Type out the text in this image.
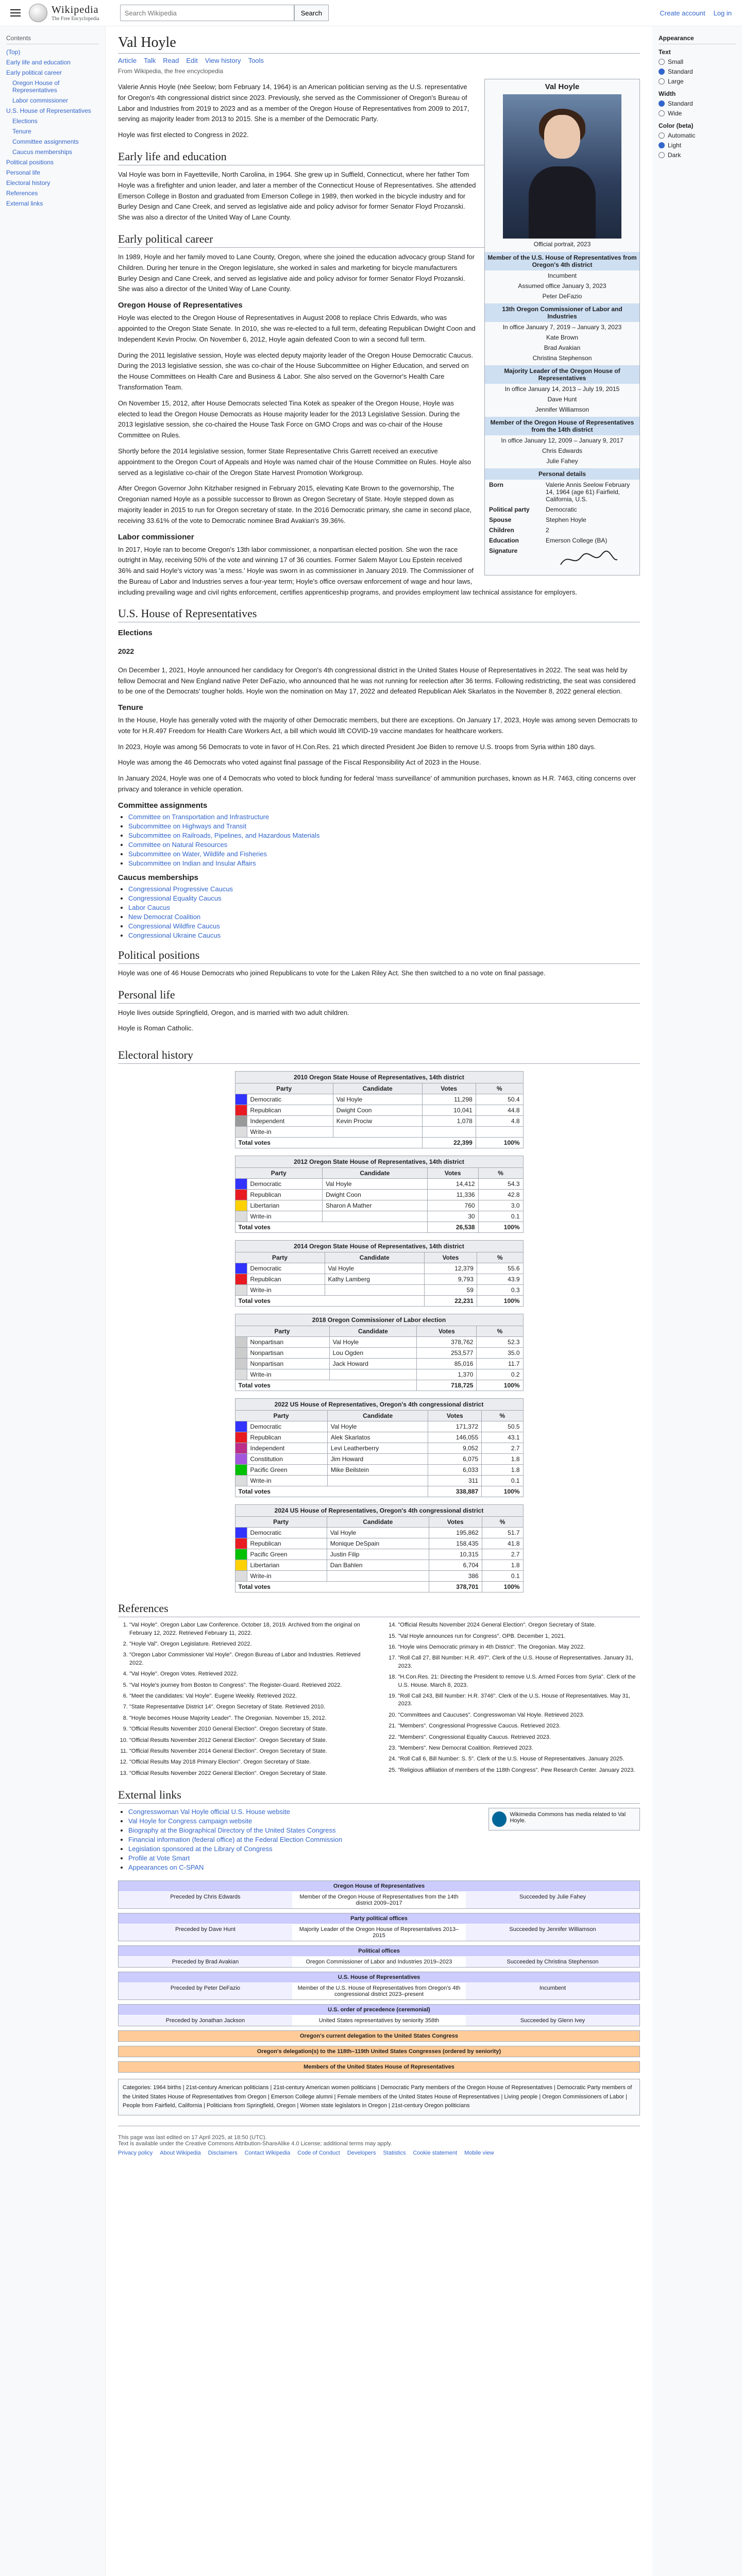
Wikipedia
The Free Encyclopedia
Search Wikipedia
Search	Create account Log in
Contents
(Top)
Early life and education
Early political career
Oregon House of Representatives
Labor commissioner
U.S. House of Representatives
Elections
Tenure
Committee assignments
Caucus memberships
Political positions
Personal life
Electoral history
References
External links
Val Hoyle
Article Talk Read Edit View history Tools
From Wikipedia, the free encyclopedia
Val Hoyle
Official portrait, 2023
Member of the U.S. House of Representatives from Oregon's 4th district
Incumbent
Assumed office January 3, 2023
Peter DeFazio
13th Oregon Commissioner of Labor and Industries
In office January 7, 2019 – January 3, 2023
Kate Brown
Brad Avakian
Christina Stephenson
Majority Leader of the Oregon House of Representatives
In office January 14, 2013 – July 19, 2015
Dave Hunt
Jennifer Williamson
Member of the Oregon House of Representatives from the 14th district
In office January 12, 2009 – January 9, 2017
Chris Edwards
Julie Fahey
Personal details
Born	Valerie Annis Seelow February 14, 1964 (age 61) Fairfield, California, U.S.
Political party	Democratic
Spouse	Stephen Hoyle
Children	2
Education	Emerson College (BA)
Signature

Valerie Annis Hoyle (née Seelow; born February 14, 1964) is an American politician serving as the U.S. representative for Oregon's 4th congressional district since 2023. Previously, she served as the Commissioner of Oregon's Bureau of Labor and Industries from 2019 to 2023 and as a member of the Oregon House of Representatives from 2009 to 2017, serving as majority leader from 2013 to 2015. She is a member of the Democratic Party.

Hoyle was first elected to Congress in 2022.

Early life and education

Val Hoyle was born in Fayetteville, North Carolina, in 1964. She grew up in Suffield, Connecticut, where her father Tom Hoyle was a firefighter and union leader, and later a member of the Connecticut House of Representatives. She attended Emerson College in Boston and graduated from Emerson College in 1989, then worked in the bicycle industry and for Burley Design and Cane Creek, and served as legislative aide and policy advisor for former Senator Floyd Prozanski. She was also a director of the United Way of Lane County.

Early political career

In 1989, Hoyle and her family moved to Lane County, Oregon, where she joined the education advocacy group Stand for Children. During her tenure in the Oregon legislature, she worked in sales and marketing for bicycle manufacturers Burley Design and Cane Creek, and served as legislative aide and policy advisor for former Senator Floyd Prozanski. She was also a director of the United Way of Lane County.

Oregon House of Representatives

Hoyle was elected to the Oregon House of Representatives in August 2008 to replace Chris Edwards, who was appointed to the Oregon State Senate. In 2010, she was re-elected to a full term, defeating Republican Dwight Coon and Independent Kevin Prociw. On November 6, 2012, Hoyle again defeated Coon to win a second full term.

During the 2011 legislative session, Hoyle was elected deputy majority leader of the Oregon House Democratic Caucus. During the 2013 legislative session, she was co-chair of the House Subcommittee on Higher Education, and served on the House Committees on Health Care and Business & Labor. She also served on the Governor's Health Care Transformation Team.

On November 15, 2012, after House Democrats selected Tina Kotek as speaker of the Oregon House, Hoyle was elected to lead the Oregon House Democrats as House majority leader for the 2013 Legislative Session. During the 2013 legislative session, she co-chaired the House Task Force on GMO Crops and was co-chair of the House Committee on Rules.

Shortly before the 2014 legislative session, former State Representative Chris Garrett received an executive appointment to the Oregon Court of Appeals and Hoyle was named chair of the House Committee on Rules. Hoyle also served as a legislative co-chair of the Oregon State Harvest Promotion Workgroup.

After Oregon Governor John Kitzhaber resigned in February 2015, elevating Kate Brown to the governorship, The Oregonian named Hoyle as a possible successor to Brown as Oregon Secretary of State. Hoyle stepped down as majority leader in 2015 to run for Oregon secretary of state. In the 2016 Democratic primary, she came in second place, receiving 33.61% of the vote to Democratic nominee Brad Avakian's 39.36%.

Labor commissioner

In 2017, Hoyle ran to become Oregon's 13th labor commissioner, a nonpartisan elected position. She won the race outright in May, receiving 50% of the vote and winning 17 of 36 counties. Former Salem Mayor Lou Epstein received 36% and said Hoyle's victory was 'a mess.' Hoyle was sworn in as commissioner in January 2019. The Commissioner of the Bureau of Labor and Industries serves a four-year term; Hoyle's office oversaw enforcement of wage and hour laws, including prevailing wage and civil rights enforcement, certifies apprenticeship programs, and provides employment law technical assistance for employers.

U.S. House of Representatives
Elections
2022

On December 1, 2021, Hoyle announced her candidacy for Oregon's 4th congressional district in the United States House of Representatives in 2022. The seat was held by fellow Democrat and New England native Peter DeFazio, who announced that he was not running for reelection after 36 terms. Following redistricting, the seat was considered to be one of the Democrats' tougher holds. Hoyle won the nomination on May 17, 2022 and defeated Republican Alek Skarlatos in the November 8, 2022 general election.

Tenure

In the House, Hoyle has generally voted with the majority of other Democratic members, but there are exceptions. On January 17, 2023, Hoyle was among seven Democrats to vote for H.R.497 Freedom for Health Care Workers Act, a bill which would lift COVID-19 vaccine mandates for healthcare workers.

In 2023, Hoyle was among 56 Democrats to vote in favor of H.Con.Res. 21 which directed President Joe Biden to remove U.S. troops from Syria within 180 days.

Hoyle was among the 46 Democrats who voted against final passage of the Fiscal Responsibility Act of 2023 in the House.

In January 2024, Hoyle was one of 4 Democrats who voted to block funding for federal 'mass surveillance' of ammunition purchases, known as H.R. 7463, citing concerns over privacy and tolerance in vehicle operation.

Committee assignments
• Committee on Transportation and Infrastructure
• Subcommittee on Highways and Transit
• Subcommittee on Railroads, Pipelines, and Hazardous Materials
• Committee on Natural Resources
• Subcommittee on Water, Wildlife and Fisheries
• Subcommittee on Indian and Insular Affairs
Caucus memberships
• Congressional Progressive Caucus
• Congressional Equality Caucus
• Labor Caucus
• New Democrat Coalition
• Congressional Wildfire Caucus
• Congressional Ukraine Caucus
Political positions

Hoyle was one of 46 House Democrats who joined Republicans to vote for the Laken Riley Act. She then switched to a no vote on final passage.

Personal life

Hoyle lives outside Springfield, Oregon, and is married with two adult children.

Hoyle is Roman Catholic.

Electoral history
2010 Oregon State House of Representatives, 14th district
Party		Candidate	Votes	%
	Democratic	Val Hoyle	11,298	50.4
	Republican	Dwight Coon	10,041	44.8
	Independent	Kevin Prociw	1,078	4.8
	Write-in			
Total votes			22,399	100%
2012 Oregon State House of Representatives, 14th district
Party		Candidate	Votes	%
	Democratic	Val Hoyle	14,412	54.3
	Republican	Dwight Coon	11,336	42.8
	Libertarian	Sharon A Mather	760	3.0
	Write-in		30	0.1
Total votes			26,538	100%
2014 Oregon State House of Representatives, 14th district
Party		Candidate	Votes	%
	Democratic	Val Hoyle	12,379	55.6
	Republican	Kathy Lamberg	9,793	43.9
	Write-in		59	0.3
Total votes			22,231	100%
2018 Oregon Commissioner of Labor election
Party		Candidate	Votes	%
	Nonpartisan	Val Hoyle	378,762	52.3
	Nonpartisan	Lou Ogden	253,577	35.0
	Nonpartisan	Jack Howard	85,016	11.7
	Write-in		1,370	0.2
Total votes			718,725	100%
2022 US House of Representatives, Oregon's 4th congressional district
Party		Candidate	Votes	%
	Democratic	Val Hoyle	171,372	50.5
	Republican	Alek Skarlatos	146,055	43.1
	Independent	Levi Leatherberry	9,052	2.7
	Constitution	Jim Howard	6,075	1.8
	Pacific Green	Mike Beilstein	6,033	1.8
	Write-in		311	0.1
Total votes			338,887	100%
2024 US House of Representatives, Oregon's 4th congressional district
Party		Candidate	Votes	%
	Democratic	Val Hoyle	195,862	51.7
	Republican	Monique DeSpain	158,435	41.8
	Pacific Green	Justin Filip	10,315	2.7
	Libertarian	Dan Bahlen	6,704	1.8
	Write-in		386	0.1
Total votes			378,701	100%
References
1. "Val Hoyle". Oregon Labor Law Conference. October 18, 2019. Archived from the original on February 12, 2022. Retrieved February 11, 2022.
2. "Hoyle Val". Oregon Legislature. Retrieved 2022.
3. "Oregon Labor Commissioner Val Hoyle". Oregon Bureau of Labor and Industries. Retrieved 2022.
4. "Val Hoyle". Oregon Votes. Retrieved 2022.
5. "Val Hoyle's journey from Boston to Congress". The Register-Guard. Retrieved 2022.
6. "Meet the candidates: Val Hoyle". Eugene Weekly. Retrieved 2022.
7. "State Representative District 14". Oregon Secretary of State. Retrieved 2010.
8. "Hoyle becomes House Majority Leader". The Oregonian. November 15, 2012.
9. "Official Results November 2010 General Election". Oregon Secretary of State.
10. "Official Results November 2012 General Election". Oregon Secretary of State.
11. "Official Results November 2014 General Election". Oregon Secretary of State.
12. "Official Results May 2018 Primary Election". Oregon Secretary of State.
13. "Official Results November 2022 General Election". Oregon Secretary of State.
14. "Official Results November 2024 General Election". Oregon Secretary of State.
15. "Val Hoyle announces run for Congress". OPB. December 1, 2021.
16. "Hoyle wins Democratic primary in 4th District". The Oregonian. May 2022.
17. "Roll Call 27, Bill Number: H.R. 497". Clerk of the U.S. House of Representatives. January 31, 2023.
18. "H.Con.Res. 21: Directing the President to remove U.S. Armed Forces from Syria". Clerk of the U.S. House. March 8, 2023.
19. "Roll Call 243, Bill Number: H.R. 3746". Clerk of the U.S. House of Representatives. May 31, 2023.
20. "Committees and Caucuses". Congresswoman Val Hoyle. Retrieved 2023.
21. "Members". Congressional Progressive Caucus. Retrieved 2023.
22. "Members". Congressional Equality Caucus. Retrieved 2023.
23. "Members". New Democrat Coalition. Retrieved 2023.
24. "Roll Call 6, Bill Number: S. 5". Clerk of the U.S. House of Representatives. January 2025.
25. "Religious affiliation of members of the 118th Congress". Pew Research Center. January 2023.
External links
Wikimedia Commons has media related to Val Hoyle.
• Congresswoman Val Hoyle official U.S. House website
• Val Hoyle for Congress campaign website
• Biography at the Biographical Directory of the United States Congress
• Financial information (federal office) at the Federal Election Commission
• Legislation sponsored at the Library of Congress
• Profile at Vote Smart
• Appearances on C-SPAN
Oregon House of Representatives
Preceded by Chris Edwards	Member of the Oregon House of Representatives from the 14th district 2009–2017
Succeeded by Julie Fahey
Party political offices
Preceded by Dave Hunt	Majority Leader of the Oregon House of Representatives 2013–2015
Succeeded by Jennifer Williamson
Political offices
Preceded by Brad Avakian	Oregon Commissioner of Labor and Industries 2019–2023	Succeeded by Christina Stephenson
U.S. House of Representatives
Preceded by Peter DeFazio	Member of the U.S. House of Representatives from Oregon's 4th congressional district 2023–present
Incumbent
U.S. order of precedence (ceremonial)
Preceded by Jonathan Jackson	United States representatives by seniority 358th	Succeeded by Glenn Ivey
Oregon's current delegation to the United States Congress
Oregon's delegation(s) to the 118th–119th United States Congresses (ordered by seniority)
Members of the United States House of Representatives
Categories: 1964 births | 21st-century American politicians | 21st-century American women politicians | Democratic Party members of the Oregon House of Representatives | Democratic Party members of the United States House of Representatives from Oregon | Emerson College alumni | Female members of the United States House of Representatives | Living people | Oregon Commissioners of Labor | People from Fairfield, California | Politicians from Springfield, Oregon | Women state legislators in Oregon | 21st-century Oregon politicians
This page was last edited on 17 April 2025, at 18:50 (UTC).
Text is available under the Creative Commons Attribution-ShareAlike 4.0 License; additional terms may apply.
Privacy policy About Wikipedia Disclaimers Contact Wikipedia Code of Conduct Developers Statistics Cookie statement Mobile view
Appearance
Text
Small
Standard
Large
Width
Standard
Wide
Color (beta)
Automatic
Light
Dark
